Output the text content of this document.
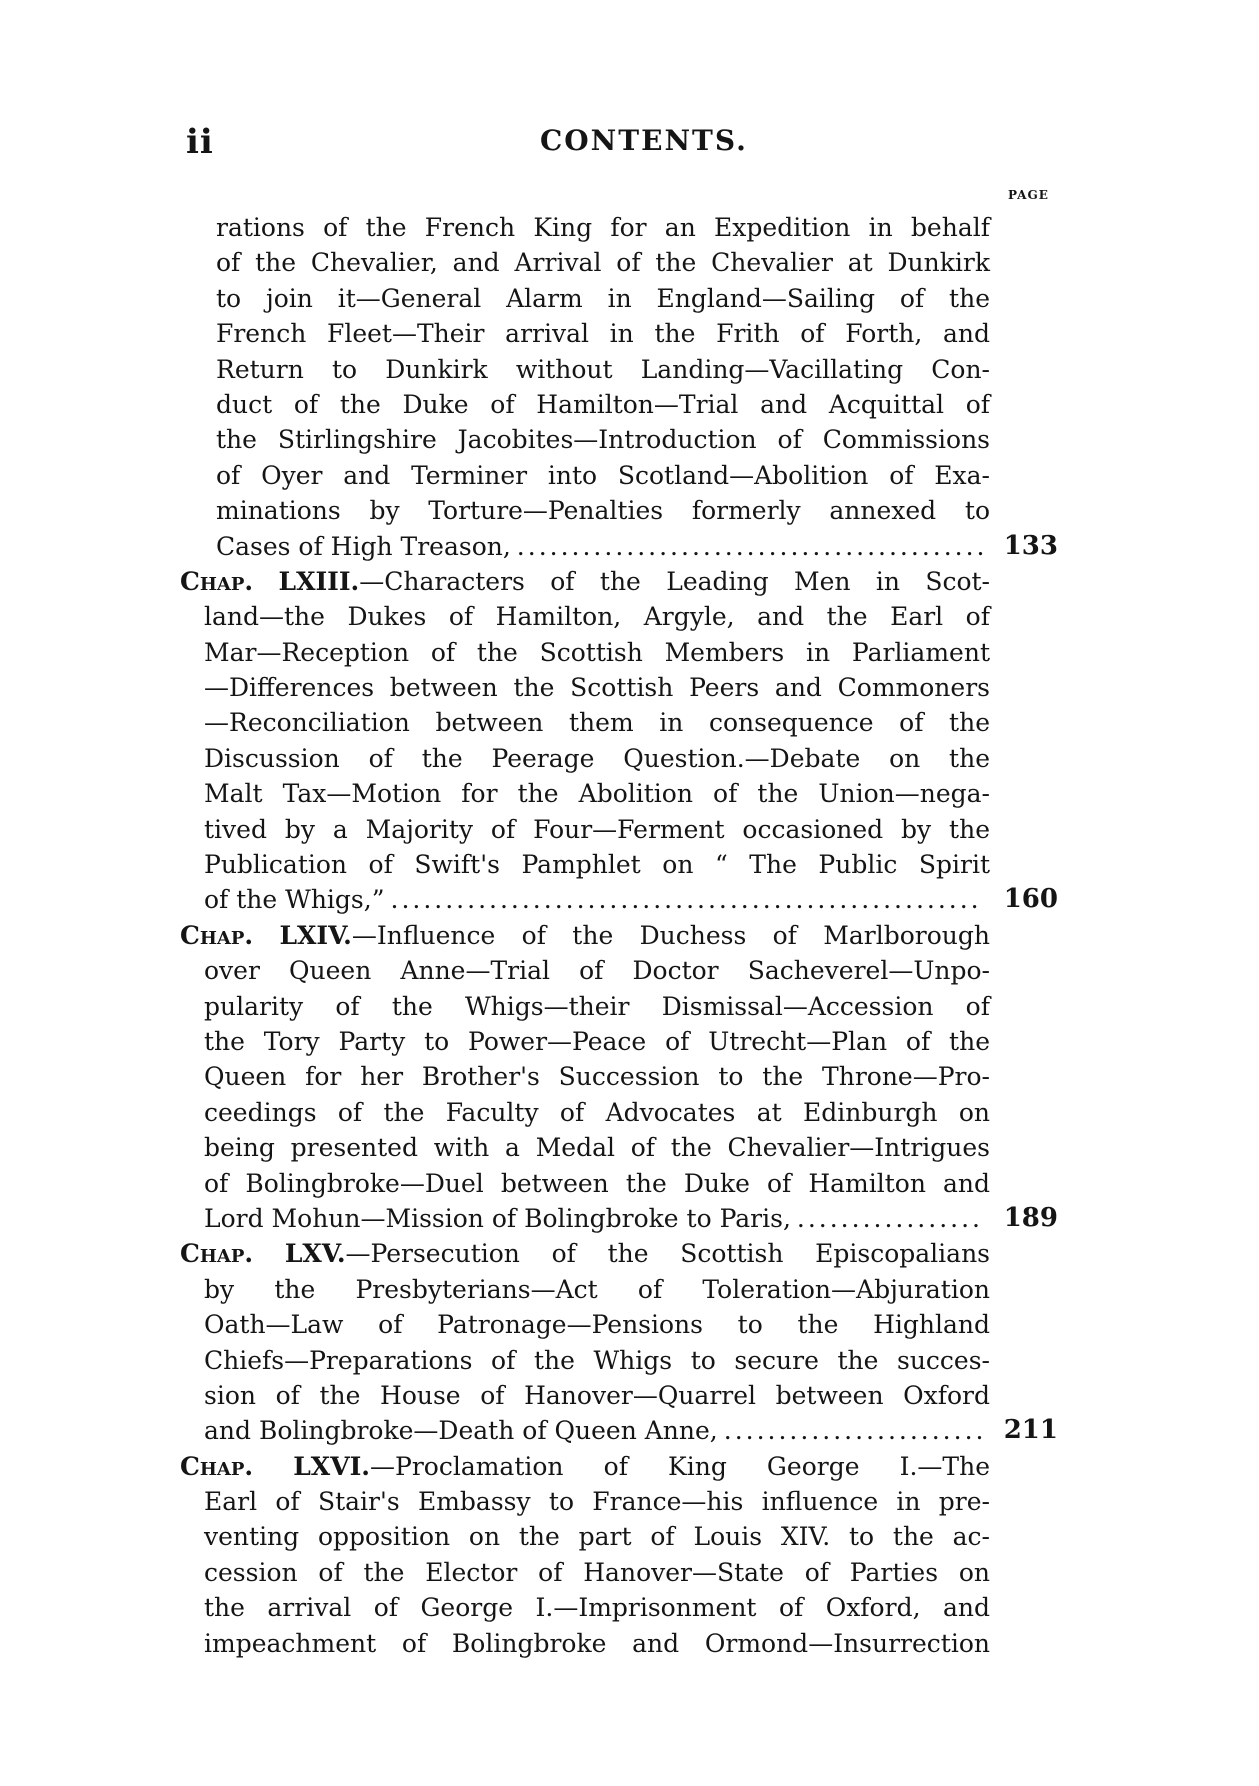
ii	CONTENTS.
PAGE
rations of the French King for an Expedition in behalf
of the Chevalier, and Arrival of the Chevalier at Dunkirk
to join it—General Alarm in England—Sailing of the
French Fleet—Their arrival in the Frith of Forth, and
Return to Dunkirk without Landing—Vacillating Con-
duct of the Duke of Hamilton—Trial and Acquittal of
the Stirlingshire Jacobites—Introduction of Commissions
of Oyer and Terminer into Scotland—Abolition of Exa-
minations by Torture—Penalties formerly annexed to
Cases of High Treason, .....	133
Chap. LXIII.—Characters of the Leading Men in Scot-
land—the Dukes of Hamilton, Argyle, and the Earl of
Mar—Reception of the Scottish Members in Parliament
—Differences between the Scottish Peers and Commoners
—Reconciliation between them in consequence of the
Discussion of the Peerage Question.—Debate on the
Malt Tax—Motion for the Abolition of the Union—nega-
tived by a Majority of Four—Ferment occasioned by the
Publication of Swift's Pamphlet on “ The Public Spirit
of the Whigs,” .....	160
Chap. LXIV.—Influence of the Duchess of Marlborough
over Queen Anne—Trial of Doctor Sacheverel—Unpo-
pularity of the Whigs—their Dismissal—Accession of
the Tory Party to Power—Peace of Utrecht—Plan of the
Queen for her Brother's Succession to the Throne—Pro-
ceedings of the Faculty of Advocates at Edinburgh on
being presented with a Medal of the Chevalier—Intrigues
of Bolingbroke—Duel between the Duke of Hamilton and
Lord Mohun—Mission of Bolingbroke to Paris, .....	189
Chap. LXV.—Persecution of the Scottish Episcopalians
by the Presbyterians—Act of Toleration—Abjuration
Oath—Law of Patronage—Pensions to the Highland
Chiefs—Preparations of the Whigs to secure the succes-
sion of the House of Hanover—Quarrel between Oxford
and Bolingbroke—Death of Queen Anne, .....	211
Chap. LXVI.—Proclamation of King George I.—The
Earl of Stair's Embassy to France—his influence in pre-
venting opposition on the part of Louis XIV. to the ac-
cession of the Elector of Hanover—State of Parties on
the arrival of George I.—Imprisonment of Oxford, and
impeachment of Bolingbroke and Ormond—Insurrection
